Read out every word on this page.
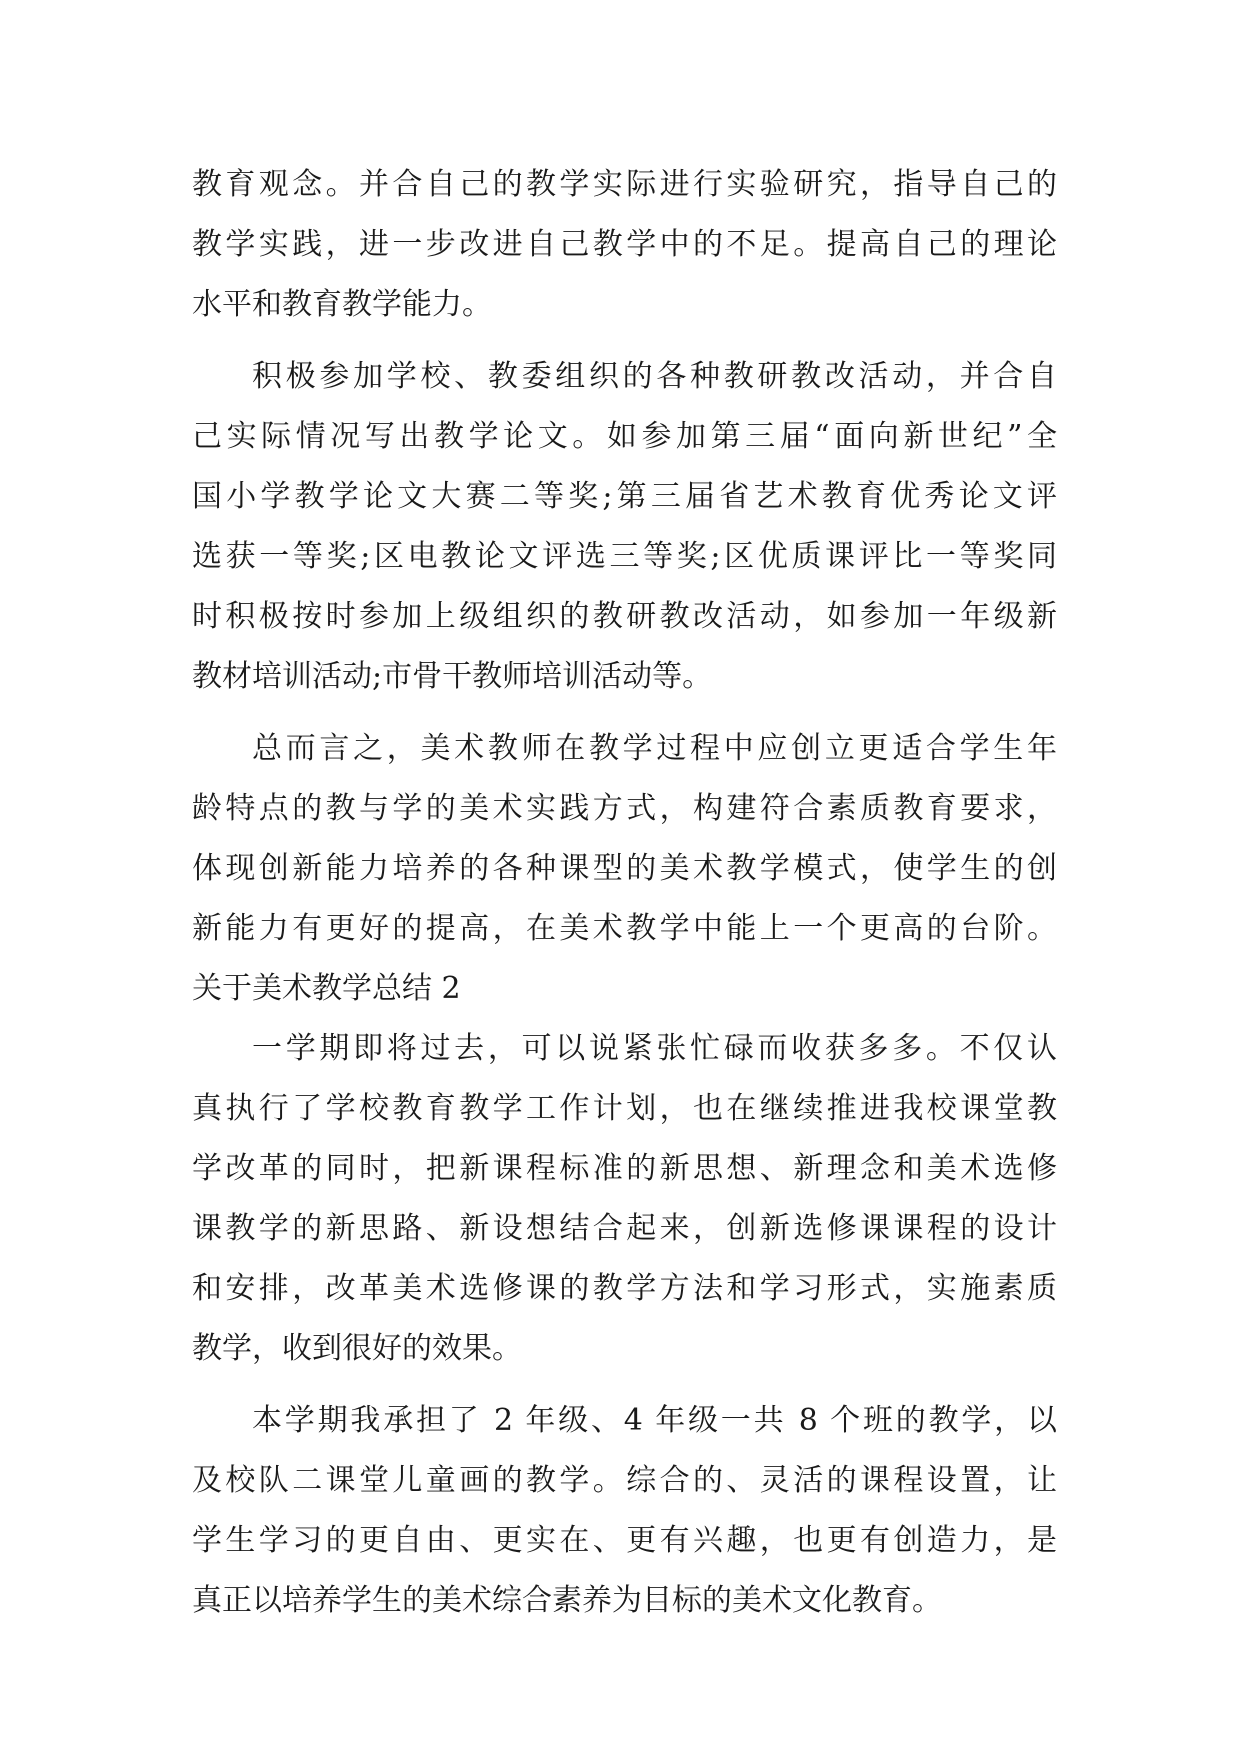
教育观念。并合自己的教学实际进行实验研究，指导自己的
教学实践，进一步改进自己教学中的不足。提高自己的理论
水平和教育教学能力。
积极参加学校、教委组织的各种教研教改活动，并合自
己实际情况写出教学论文。如参加第三届“面向新世纪”全
国小学教学论文大赛二等奖;第三届省艺术教育优秀论文评
选获一等奖;区电教论文评选三等奖;区优质课评比一等奖同
时积极按时参加上级组织的教研教改活动，如参加一年级新
教材培训活动;市骨干教师培训活动等。
总而言之，美术教师在教学过程中应创立更适合学生年
龄特点的教与学的美术实践方式，构建符合素质教育要求，
体现创新能力培养的各种课型的美术教学模式，使学生的创
新能力有更好的提高，在美术教学中能上一个更高的台阶。
关于美术教学总结 2
一学期即将过去，可以说紧张忙碌而收获多多。不仅认
真执行了学校教育教学工作计划，也在继续推进我校课堂教
学改革的同时，把新课程标准的新思想、新理念和美术选修
课教学的新思路、新设想结合起来，创新选修课课程的设计
和安排，改革美术选修课的教学方法和学习形式，实施素质
教学，收到很好的效果。
本学期我承担了 2 年级、4 年级一共 8 个班的教学，以
及校队二课堂儿童画的教学。综合的、灵活的课程设置，让
学生学习的更自由、更实在、更有兴趣，也更有创造力，是
真正以培养学生的美术综合素养为目标的美术文化教育。
